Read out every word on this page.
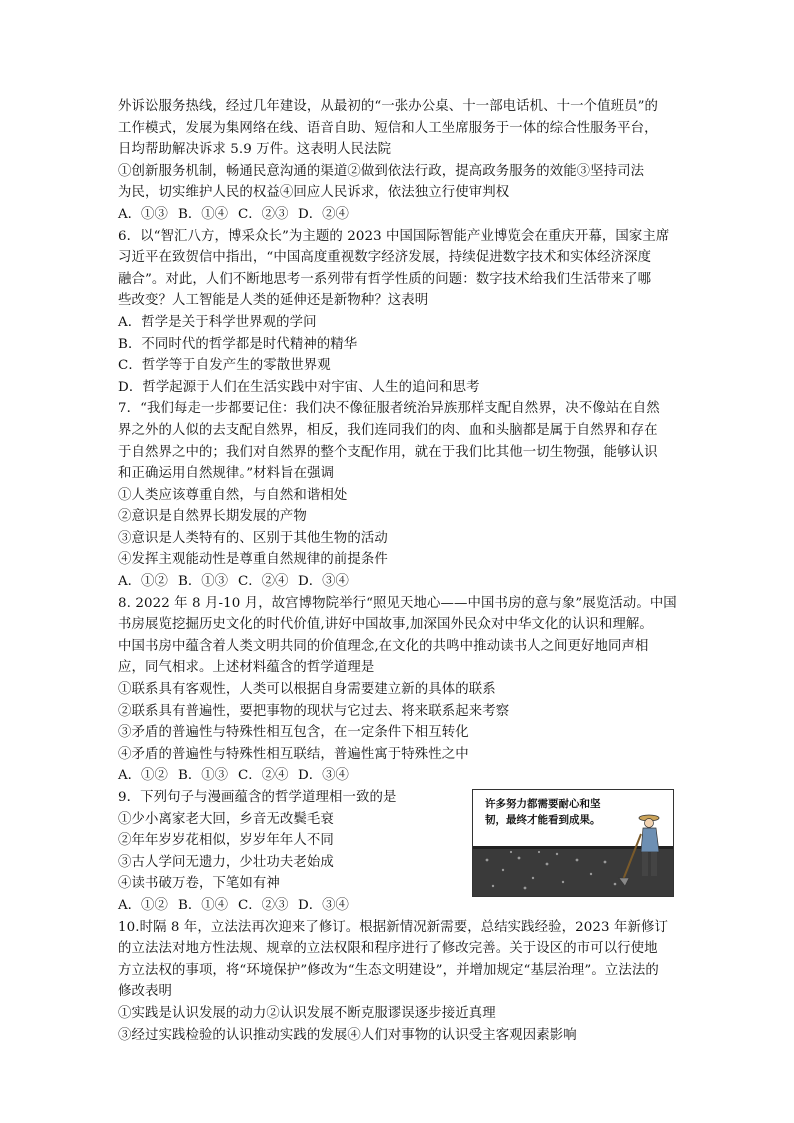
外诉讼服务热线，经过几年建设，从最初的“一张办公桌、十一部电话机、十一个值班员”的
工作模式，发展为集网络在线、语音自助、短信和人工坐席服务于一体的综合性服务平台，
日均帮助解决诉求 5.9 万件。这表明人民法院
①创新服务机制，畅通民意沟通的渠道②做到依法行政，提高政务服务的效能③坚持司法
为民，切实维护人民的权益④回应人民诉求，依法独立行使审判权
A．①③ B．①④ C．②③ D．②④
6．以“智汇八方，博采众长”为主题的 2023 中国国际智能产业博览会在重庆开幕，国家主席
习近平在致贺信中指出，“中国高度重视数字经济发展，持续促进数字技术和实体经济深度
融合”。对此，人们不断地思考一系列带有哲学性质的问题：数字技术给我们生活带来了哪
些改变？人工智能是人类的延伸还是新物种？这表明
A．哲学是关于科学世界观的学问
B．不同时代的哲学都是时代精神的精华
C．哲学等于自发产生的零散世界观
D．哲学起源于人们在生活实践中对宇宙、人生的追问和思考
7．“我们每走一步都要记住：我们决不像征服者统治异族那样支配自然界，决不像站在自然
界之外的人似的去支配自然界，相反，我们连同我们的肉、血和头脑都是属于自然界和存在
于自然界之中的；我们对自然界的整个支配作用，就在于我们比其他一切生物强，能够认识
和正确运用自然规律。”材料旨在强调
①人类应该尊重自然，与自然和谐相处
②意识是自然界长期发展的产物
③意识是人类特有的、区别于其他生物的活动
④发挥主观能动性是尊重自然规律的前提条件
A．①② B．①③ C．②④ D．③④
8. 2022 年 8 月-10 月，故宫博物院举行“照见天地心——中国书房的意与象”展览活动。中国
书房展览挖掘历史文化的时代价值,讲好中国故事,加深国外民众对中华文化的认识和理解。
中国书房中蕴含着人类文明共同的价值理念,在文化的共鸣中推动读书人之间更好地同声相
应，同气相求。上述材料蕴含的哲学道理是
①联系具有客观性，人类可以根据自身需要建立新的具体的联系
②联系具有普遍性，要把事物的现状与它过去、将来联系起来考察
③矛盾的普遍性与特殊性相互包含，在一定条件下相互转化
④矛盾的普遍性与特殊性相互联结，普遍性寓于特殊性之中
A．①② B．①③ C．②④ D．③④
9．下列句子与漫画蕴含的哲学道理相一致的是
①少小离家老大回，乡音无改鬓毛衰
②年年岁岁花相似，岁岁年年人不同
③古人学问无遗力，少壮功夫老始成
④读书破万卷，下笔如有神
许多努力都需要耐心和坚韧，最终才能看到成果。
A．①② B．①④ C．②③ D．③④
10.时隔 8 年，立法法再次迎来了修订。根据新情况新需要，总结实践经验，2023 年新修订
的立法法对地方性法规、规章的立法权限和程序进行了修改完善。关于设区的市可以行使地
方立法权的事项，将“环境保护”修改为“生态文明建设”，并增加规定“基层治理”。立法法的
修改表明
①实践是认识发展的动力②认识发展不断克服谬误逐步接近真理
③经过实践检验的认识推动实践的发展④人们对事物的认识受主客观因素影响
